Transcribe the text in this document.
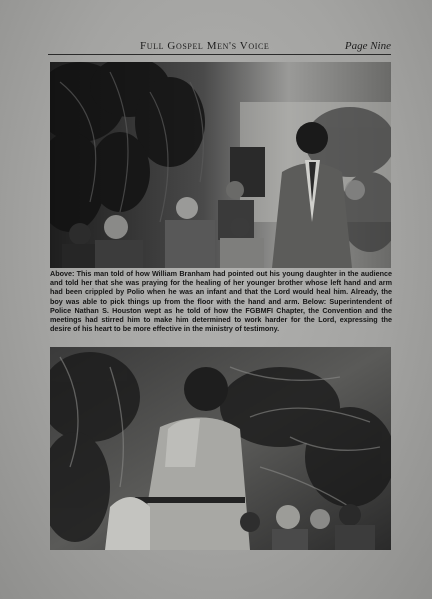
Full Gospel Men's Voice	Page Nine

Above: This man told of how William Branham had pointed out his young daughter in the audience and told her that she was praying for the healing of her younger brother whose left hand and arm had been crippled by Polio when he was an infant and that the Lord would heal him. Already, the boy was able to pick things up from the floor with the hand and arm. Below: Superintendent of Police Nathan S. Houston wept as he told of how the FGBMFI Chapter, the Convention and the meetings had stirred him to make him determined to work harder for the Lord, expressing the desire of his heart to be more effective in the ministry of testimony.
